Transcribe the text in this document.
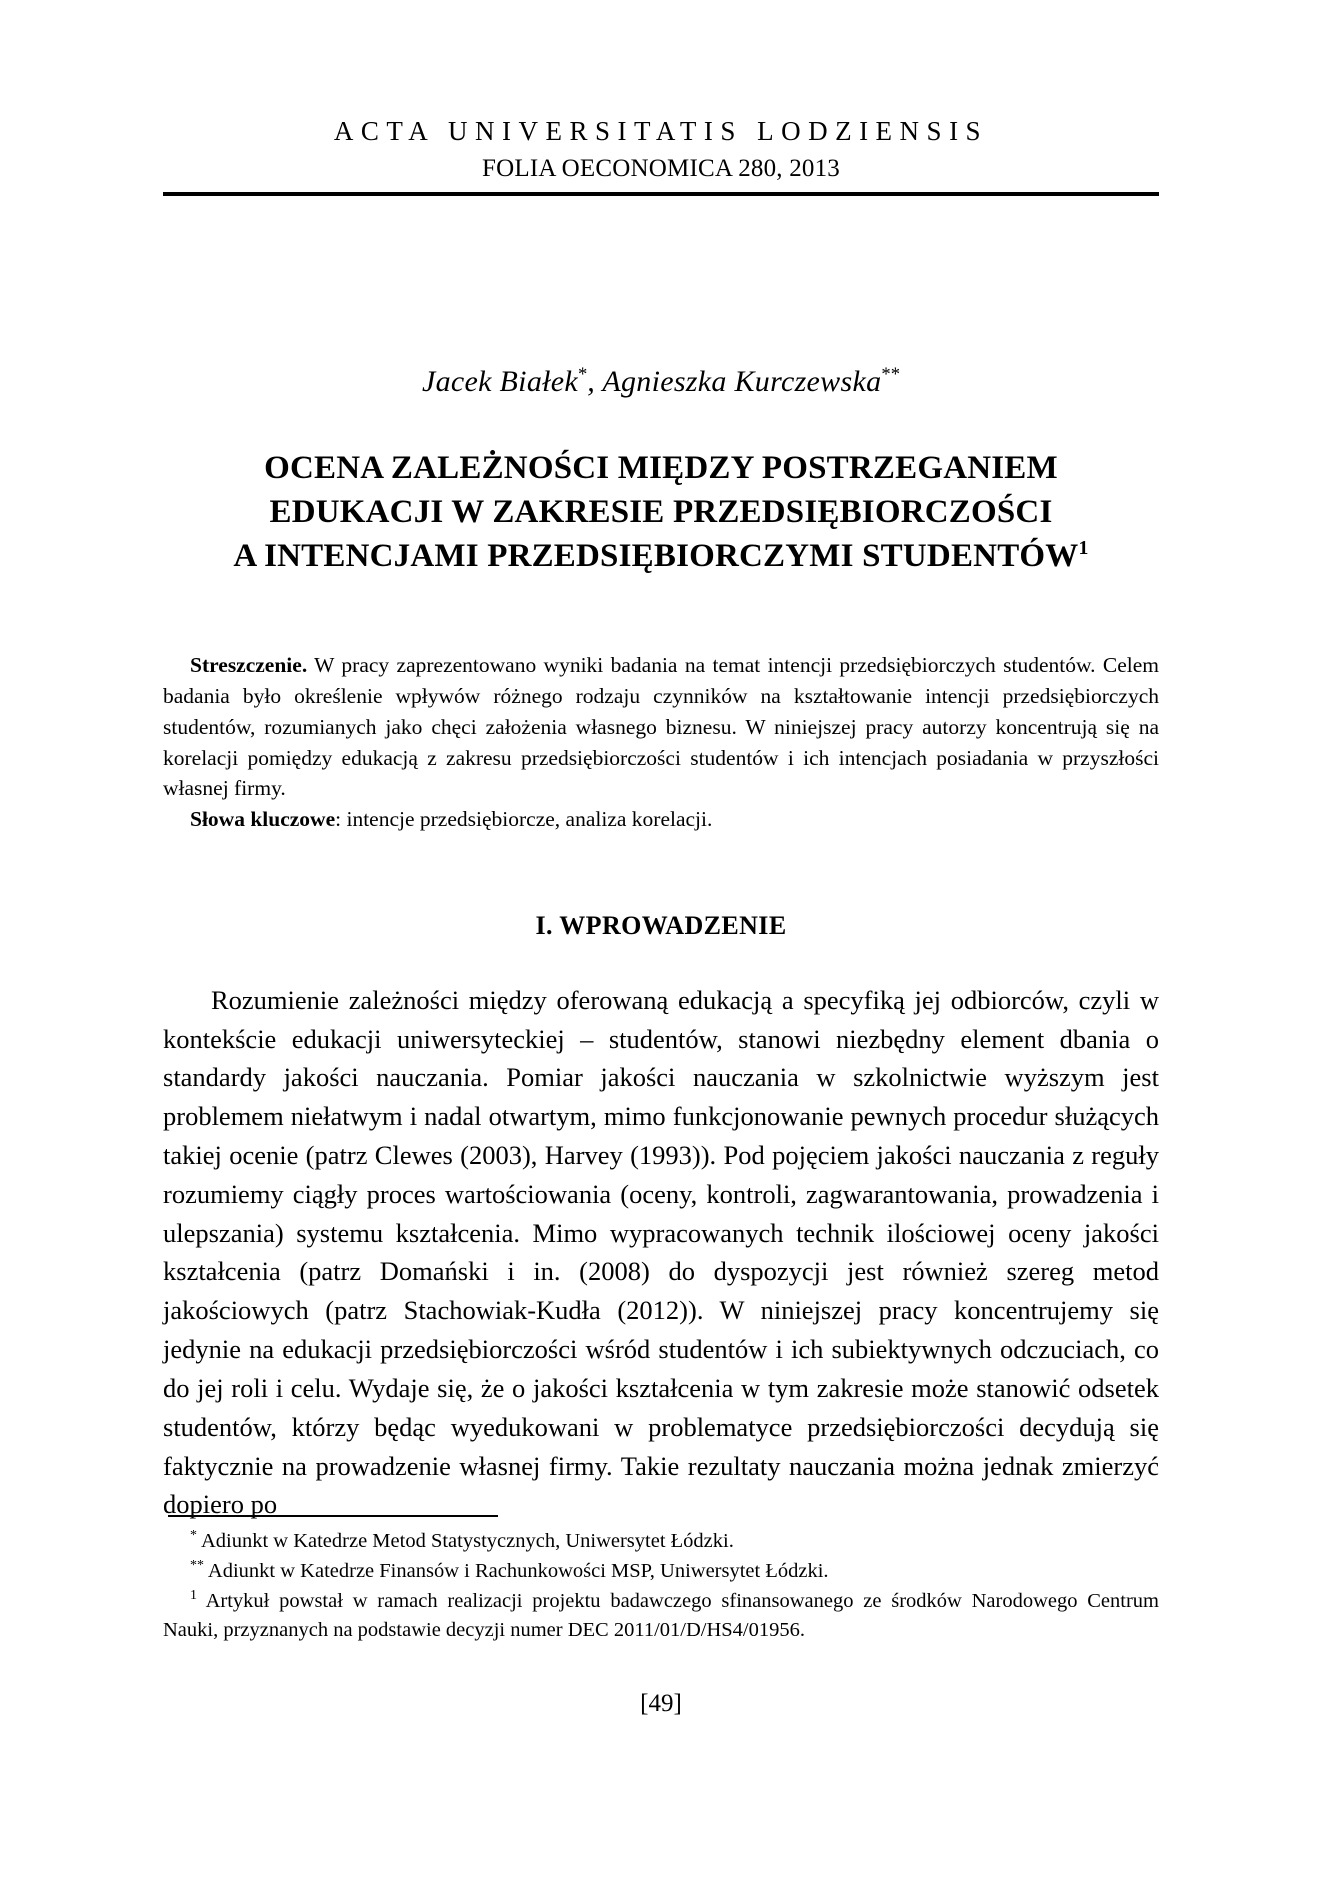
ACTA UNIVERSITATIS LODZIENSIS
FOLIA OECONOMICA 280, 2013
Jacek Białek*, Agnieszka Kurczewska**
OCENA ZALEŻNOŚCI MIĘDZY POSTRZEGANIEM
EDUKACJI W ZAKRESIE PRZEDSIĘBIORCZOŚCI
A INTENCJAMI PRZEDSIĘBIORCZYMI STUDENTÓW$^1$

Streszczenie. W pracy zaprezentowano wyniki badania na temat intencji przedsiębiorczych studentów. Celem badania było określenie wpływów różnego rodzaju czynników na kształtowanie intencji przedsiębiorczych studentów, rozumianych jako chęci założenia własnego biznesu. W niniejszej pracy autorzy koncentrują się na korelacji pomiędzy edukacją z zakresu przedsiębiorczości studentów i ich intencjach posiadania w przyszłości własnej firmy.

Słowa kluczowe: intencje przedsiębiorcze, analiza korelacji.

I. WPROWADZENIE

Rozumienie zależności między oferowaną edukacją a specyfiką jej odbiorców, czyli w kontekście edukacji uniwersyteckiej – studentów, stanowi niezbędny element dbania o standardy jakości nauczania. Pomiar jakości nauczania w szkolnictwie wyższym jest problemem niełatwym i nadal otwartym, mimo funkcjonowanie pewnych procedur służących takiej ocenie (patrz Clewes (2003), Harvey (1993)). Pod pojęciem jakości nauczania z reguły rozumiemy ciągły proces wartościowania (oceny, kontroli, zagwarantowania, prowadzenia i ulepszania) systemu kształcenia. Mimo wypracowanych technik ilościowej oceny jakości kształcenia (patrz Domański i in. (2008) do dyspozycji jest również szereg metod jakościowych (patrz Stachowiak-Kudła (2012)). W niniejszej pracy koncentrujemy się jedynie na edukacji przedsiębiorczości wśród studentów i ich subiektywnych odczuciach, co do jej roli i celu. Wydaje się, że o jakości kształcenia w tym zakresie może stanowić odsetek studentów, którzy będąc wyedukowani w problematyce przedsiębiorczości decydują się faktycznie na prowadzenie własnej firmy. Takie rezultaty nauczania można jednak zmierzyć dopiero po

* Adiunkt w Katedrze Metod Statystycznych, Uniwersytet Łódzki.

** Adiunkt w Katedrze Finansów i Rachunkowości MSP, Uniwersytet Łódzki.

$^1$ Artykuł powstał w ramach realizacji projektu badawczego sfinansowanego ze środków Narodowego Centrum Nauki, przyznanych na podstawie decyzji numer DEC 2011/01/D/HS4/01956.

[49]
